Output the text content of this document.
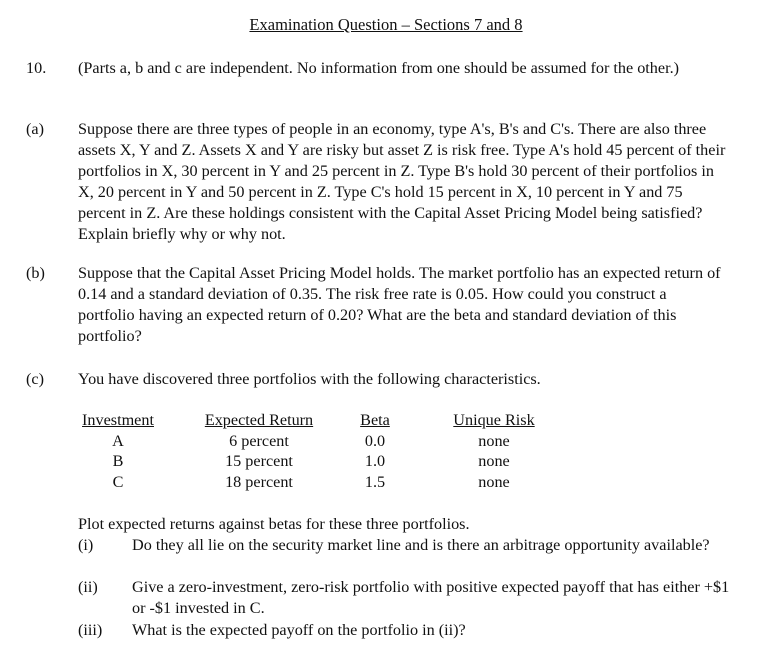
Examination Question – Sections 7 and 8
10. (Parts a, b and c are independent. No information from one should be assumed for the other.)
(a) Suppose there are three types of people in an economy, type A's, B's and C's. There are also three assets X, Y and Z. Assets X and Y are risky but asset Z is risk free. Type A's hold 45 percent of their portfolios in X, 30 percent in Y and 25 percent in Z. Type B's hold 30 percent of their portfolios in X, 20 percent in Y and 50 percent in Z. Type C's hold 15 percent in X, 10 percent in Y and 75 percent in Z. Are these holdings consistent with the Capital Asset Pricing Model being satisfied? Explain briefly why or why not.
(b) Suppose that the Capital Asset Pricing Model holds. The market portfolio has an expected return of 0.14 and a standard deviation of 0.35. The risk free rate is 0.05. How could you construct a portfolio having an expected return of 0.20? What are the beta and standard deviation of this portfolio?
(c) You have discovered three portfolios with the following characteristics.
Investment	Expected Return	Beta	Unique Risk
A	6 percent	0.0	none
B	15 percent	1.0	none
C	18 percent	1.5	none
Plot expected returns against betas for these three portfolios.
(i) Do they all lie on the security market line and is there an arbitrage opportunity available?
(ii) Give a zero-investment, zero-risk portfolio with positive expected payoff that has either +$1 or -$1 invested in C.
(iii) What is the expected payoff on the portfolio in (ii)?
